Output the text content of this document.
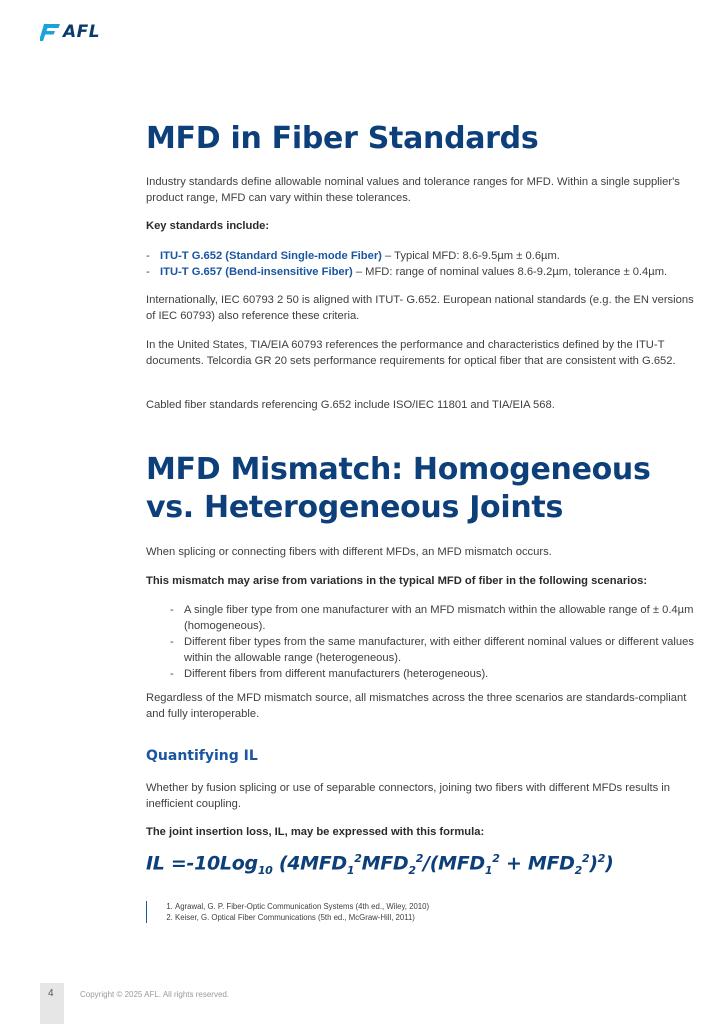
AFL
MFD in Fiber Standards

Industry standards define allowable nominal values and tolerance ranges for MFD. Within a single supplier's product range, MFD can vary within these tolerances.

Key standards include:

- ITU-T G.652 (Standard Single-mode Fiber) – Typical MFD: 8.6-9.5µm ± 0.6µm.
- ITU-T G.657 (Bend-insensitive Fiber) – MFD: range of nominal values 8.6-9.2µm, tolerance ± 0.4µm.

Internationally, IEC 60793 2 50 is aligned with ITUT- G.652. European national standards (e.g. the EN versions of IEC 60793) also reference these criteria.

In the United States, TIA/EIA 60793 references the performance and characteristics defined by the ITU-T documents. Telcordia GR 20 sets performance requirements for optical fiber that are consistent with G.652.

Cabled fiber standards referencing G.652 include ISO/IEC 11801 and TIA/EIA 568.

MFD Mismatch: Homogeneous vs. Heterogeneous Joints

When splicing or connecting fibers with different MFDs, an MFD mismatch occurs.

This mismatch may arise from variations in the typical MFD of fiber in the following scenarios:

- A single fiber type from one manufacturer with an MFD mismatch within the allowable range of ± 0.4µm (homogeneous).
- Different fiber types from the same manufacturer, with either different nominal values or different values within the allowable range (heterogeneous).
- Different fibers from different manufacturers (heterogeneous).

Regardless of the MFD mismatch source, all mismatches across the three scenarios are standards-compliant and fully interoperable.

Quantifying IL

Whether by fusion splicing or use of separable connectors, joining two fibers with different MFDs results in inefficient coupling.

The joint insertion loss, IL, may be expressed with this formula:

IL =-10Log$_{10}$ $(4MFD_1^2MFD_2^2/(MFD_1^2 + MFD_2^2)^2)$
1. Agrawal, G. P. Fiber-Optic Communication Systems (4th ed., Wiley, 2010)
2. Keiser, G. Optical Fiber Communications (5th ed., McGraw-Hill, 2011)
4	Copyright © 2025 AFL. All rights reserved.
